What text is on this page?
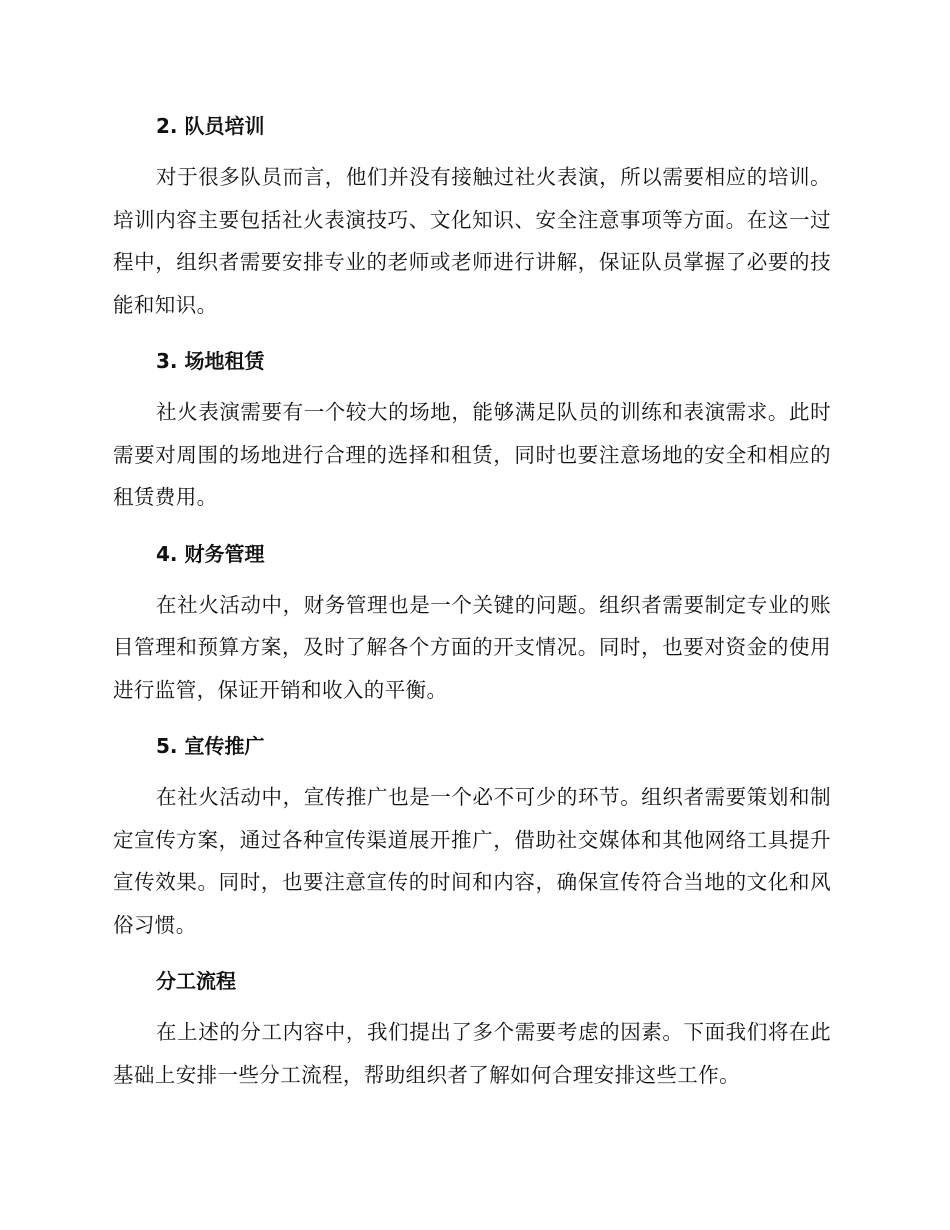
2. 队员培训

对于很多队员而言，他们并没有接触过社火表演，所以需要相应的培训。培训内容主要包括社火表演技巧、文化知识、安全注意事项等方面。在这一过程中，组织者需要安排专业的老师或老师进行讲解，保证队员掌握了必要的技能和知识。

3. 场地租赁

社火表演需要有一个较大的场地，能够满足队员的训练和表演需求。此时需要对周围的场地进行合理的选择和租赁，同时也要注意场地的安全和相应的租赁费用。

4. 财务管理

在社火活动中，财务管理也是一个关键的问题。组织者需要制定专业的账目管理和预算方案，及时了解各个方面的开支情况。同时，也要对资金的使用进行监管，保证开销和收入的平衡。

5. 宣传推广

在社火活动中，宣传推广也是一个必不可少的环节。组织者需要策划和制定宣传方案，通过各种宣传渠道展开推广，借助社交媒体和其他网络工具提升宣传效果。同时，也要注意宣传的时间和内容，确保宣传符合当地的文化和风俗习惯。

分工流程

在上述的分工内容中，我们提出了多个需要考虑的因素。下面我们将在此基础上安排一些分工流程，帮助组织者了解如何合理安排这些工作。
